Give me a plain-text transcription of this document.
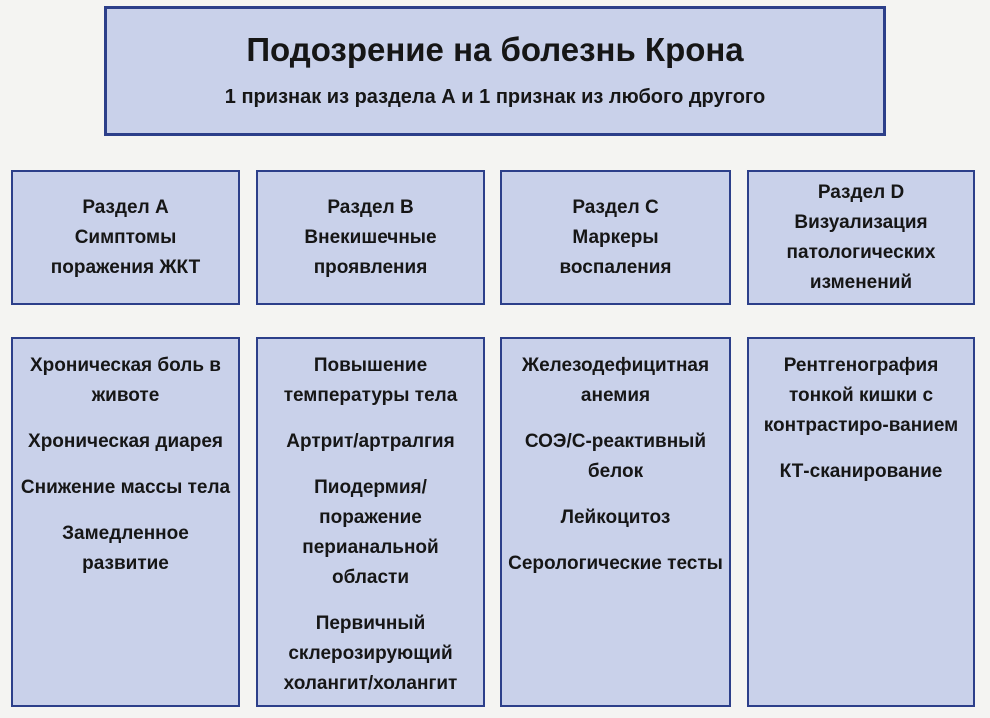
Подозрение на болезнь Крона
1 признак из раздела А и 1 признак из любого другого
Раздел А
Симптомы
поражения ЖКТ
Раздел В
Внекишечные
проявления
Раздел С
Маркеры
воспаления
Раздел D
Визуализация
патологических
изменений
Хроническая боль в животе
Хроническая диарея
Снижение массы тела
Замедленное развитие
Повышение температуры тела
Артрит/артралгия
Пиодермия/ поражение перианальной области
Первичный склерозирующий холангит/холангит
Железодефицитная анемия
СОЭ/С-реактивный белок
Лейкоцитоз
Серологические тесты
Рентгенография тонкой кишки с контрастиро-ванием
КТ-сканирование
